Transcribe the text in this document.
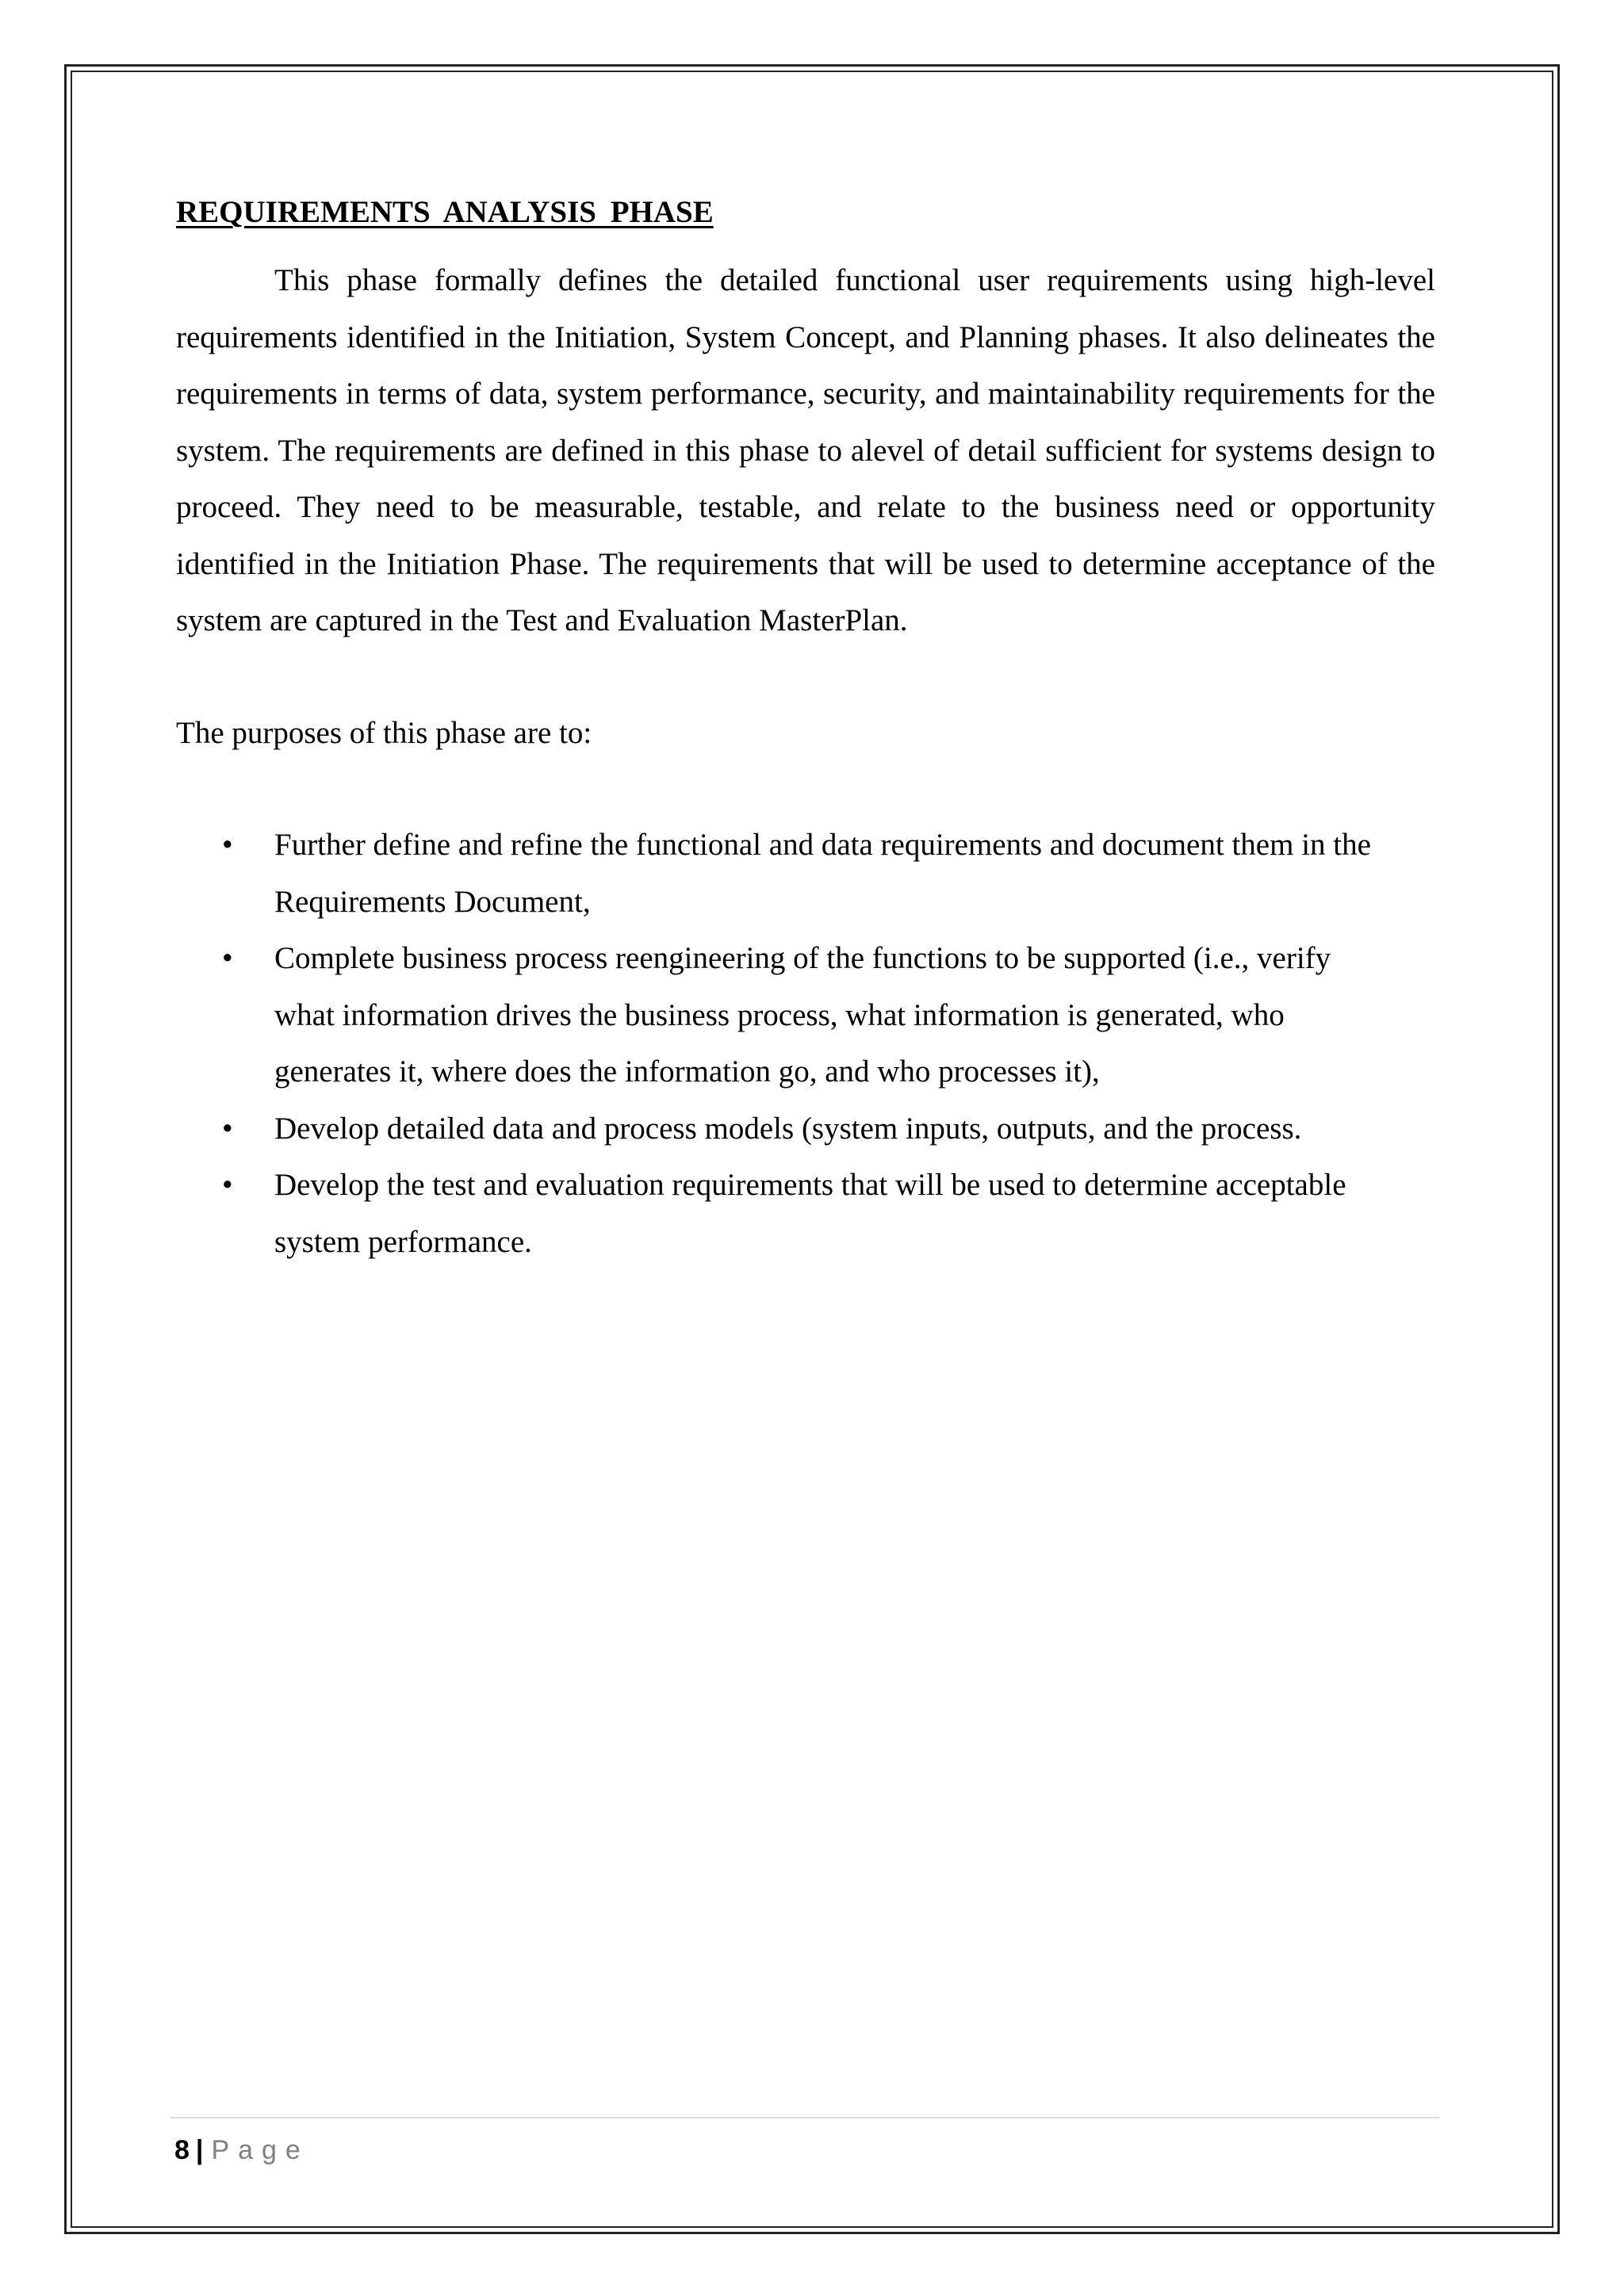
REQUIREMENTS ANALYSIS PHASE

This phase formally defines the detailed functional user requirements using high-level requirements identified in the Initiation, System Concept, and Planning phases. It also delineates the requirements in terms of data, system performance, security, and maintainability requirements for the system. The requirements are defined in this phase to alevel of detail sufficient for systems design to proceed. They need to be measurable, testable, and relate to the business need or opportunity identified in the Initiation Phase. The requirements that will be used to determine acceptance of the system are captured in the Test and Evaluation MasterPlan.

The purposes of this phase are to:

• Further define and refine the functional and data requirements and document them in the Requirements Document,
• Complete business process reengineering of the functions to be supported (i.e., verify what information drives the business process, what information is generated, who generates it, where does the information go, and who processes it),
• Develop detailed data and process models (system inputs, outputs, and the process.
• Develop the test and evaluation requirements that will be used to determine acceptable system performance.
8 | Page
